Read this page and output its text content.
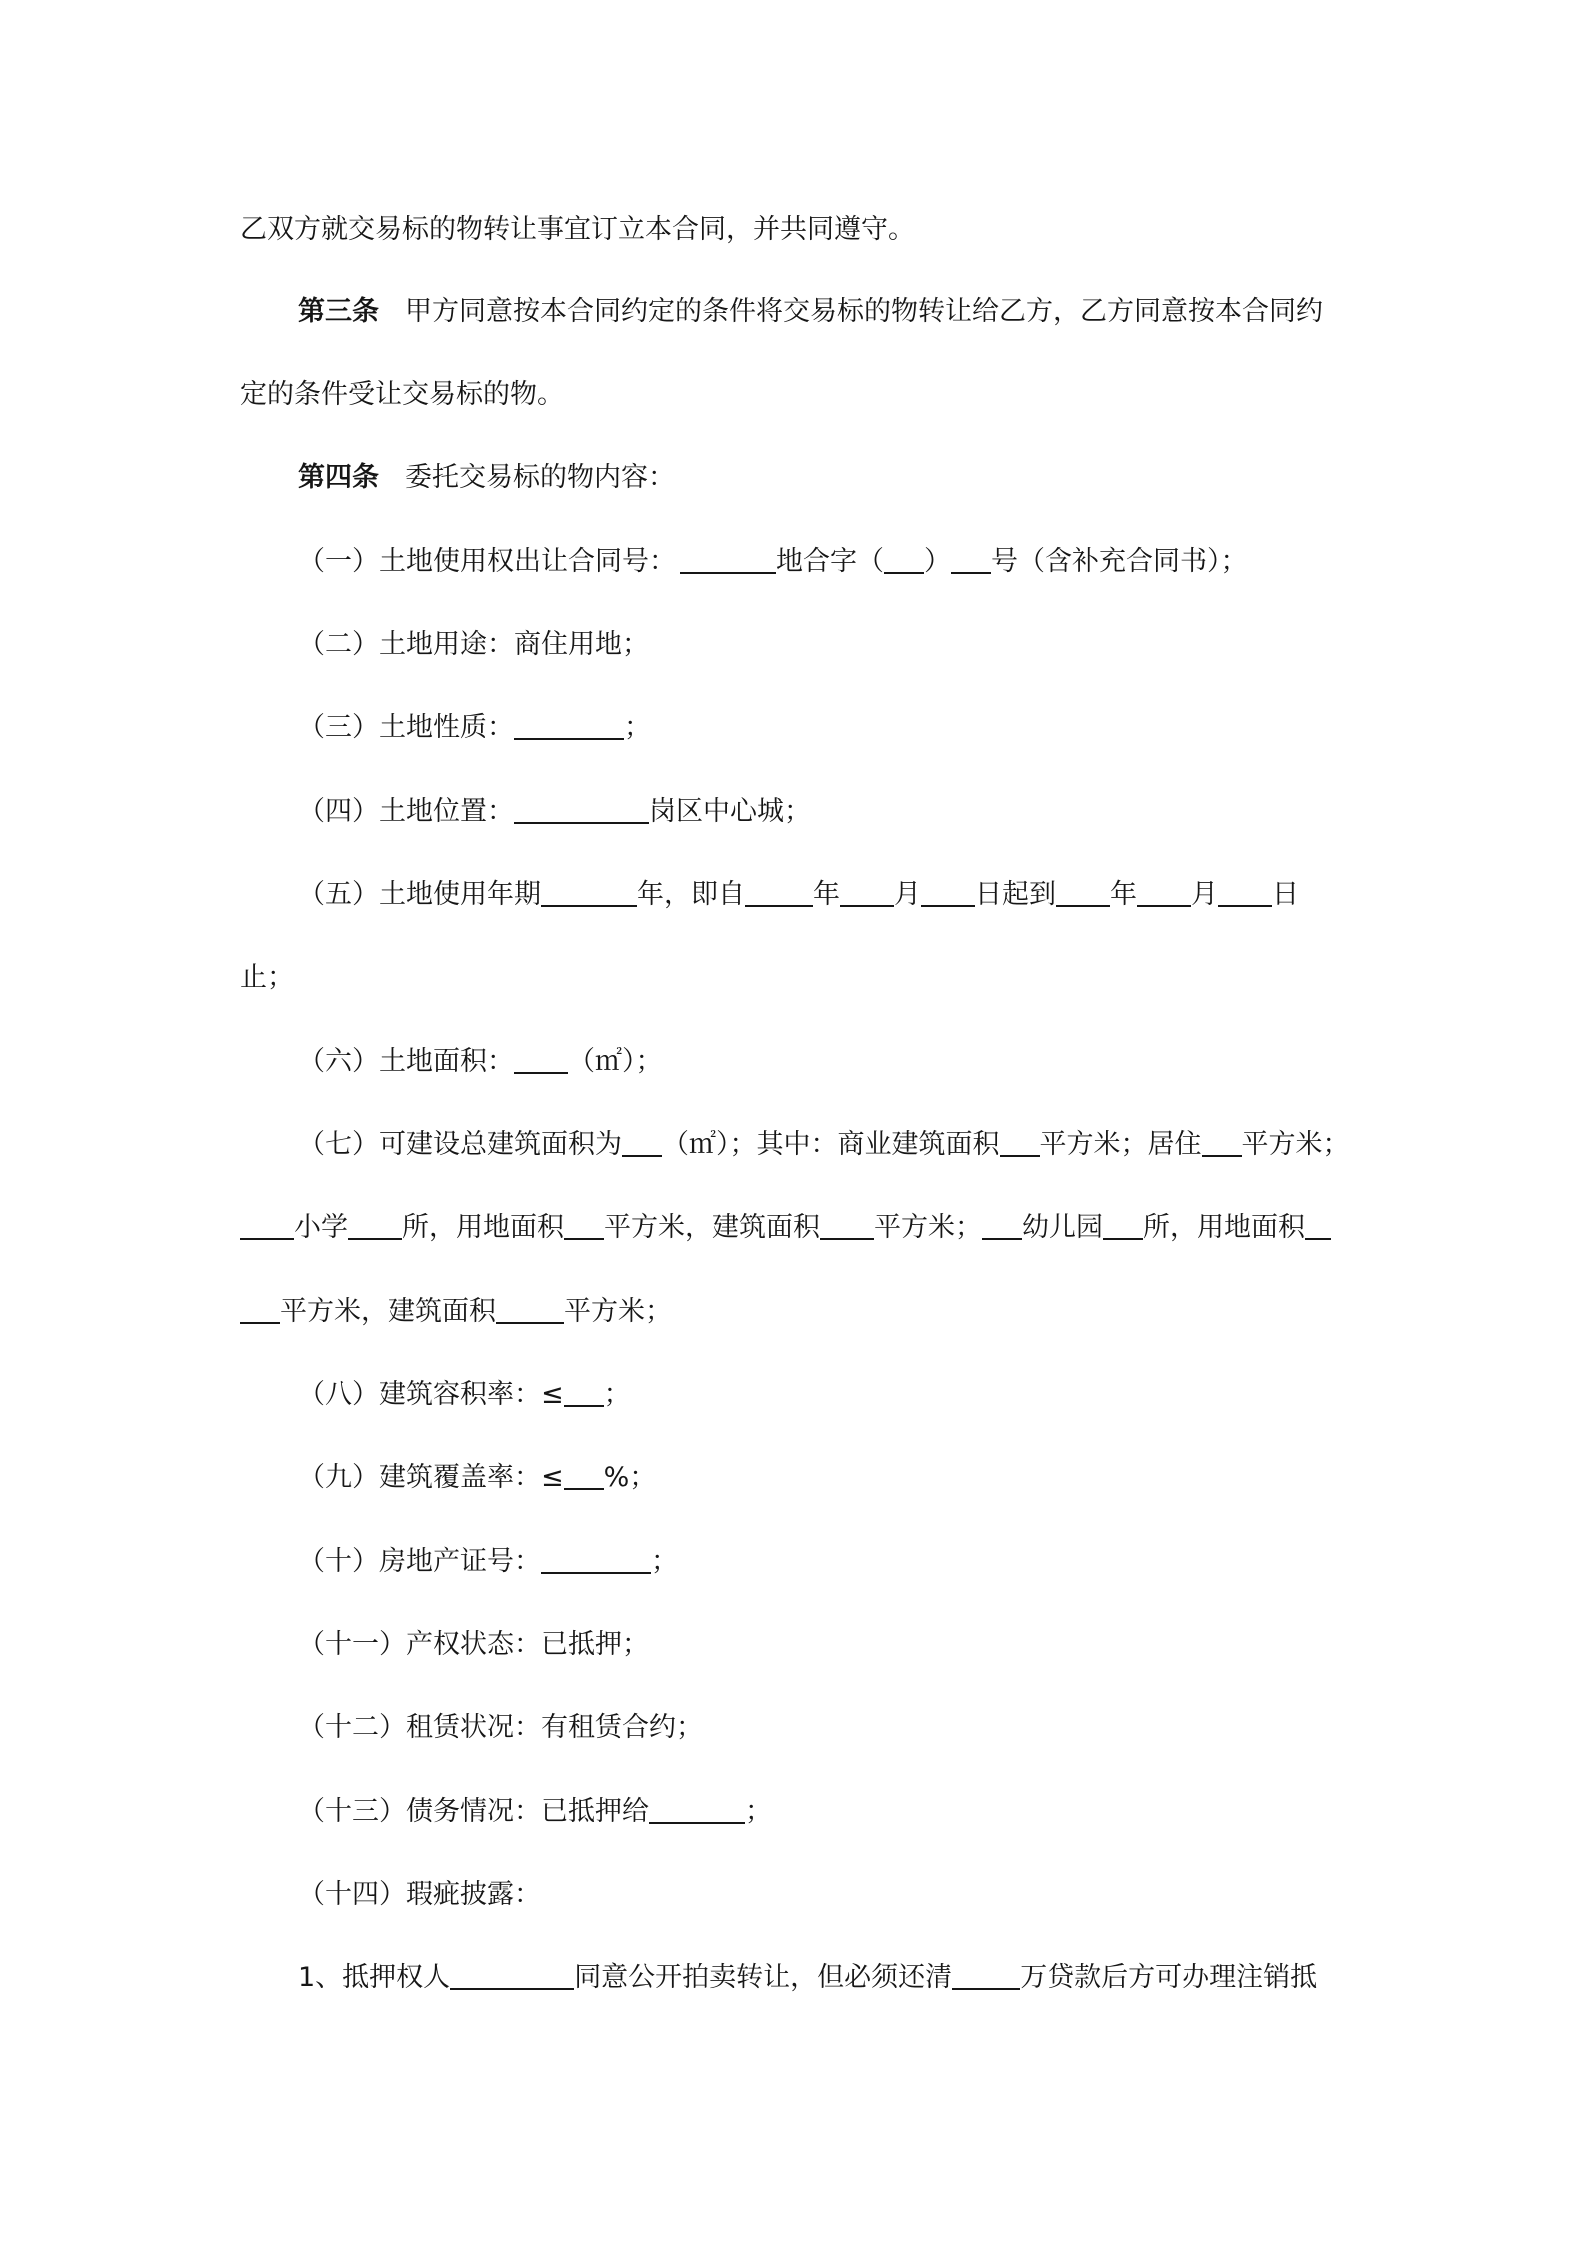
乙双方就交易标的物转让事宜订立本合同，并共同遵守。
第三条 甲方同意按本合同约定的条件将交易标的物转让给乙方，乙方同意按本合同约
定的条件受让交易标的物。
第四条 委托交易标的物内容：
（一）土地使用权出让合同号：	地合字（ ） 号（含补充合同书）；
（二）土地用途：商住用地；
（三）土地性质：	；
（四）土地位置：	岗区中心城；
（五）土地使用年期	年，即自	年 月 日起到 年 月 日
止；
（六）土地面积： （㎡）；
（七）可建设总建筑面积为 （㎡）；其中：商业建筑面积 平方米；居住 平方米；
小学 所，用地面积 平方米，建筑面积 平方米； 幼儿园 所，用地面积
平方米，建筑面积	平方米；
（八）建筑容积率：≤ ；
（九）建筑覆盖率：≤ %；
（十）房地产证号：	；
（十一）产权状态：已抵押；
（十二）租赁状况：有租赁合约；
（十三）债务情况：已抵押给	；
（十四）瑕疵披露：
1、抵押权人	同意公开拍卖转让，但必须还清	万贷款后方可办理注销抵
